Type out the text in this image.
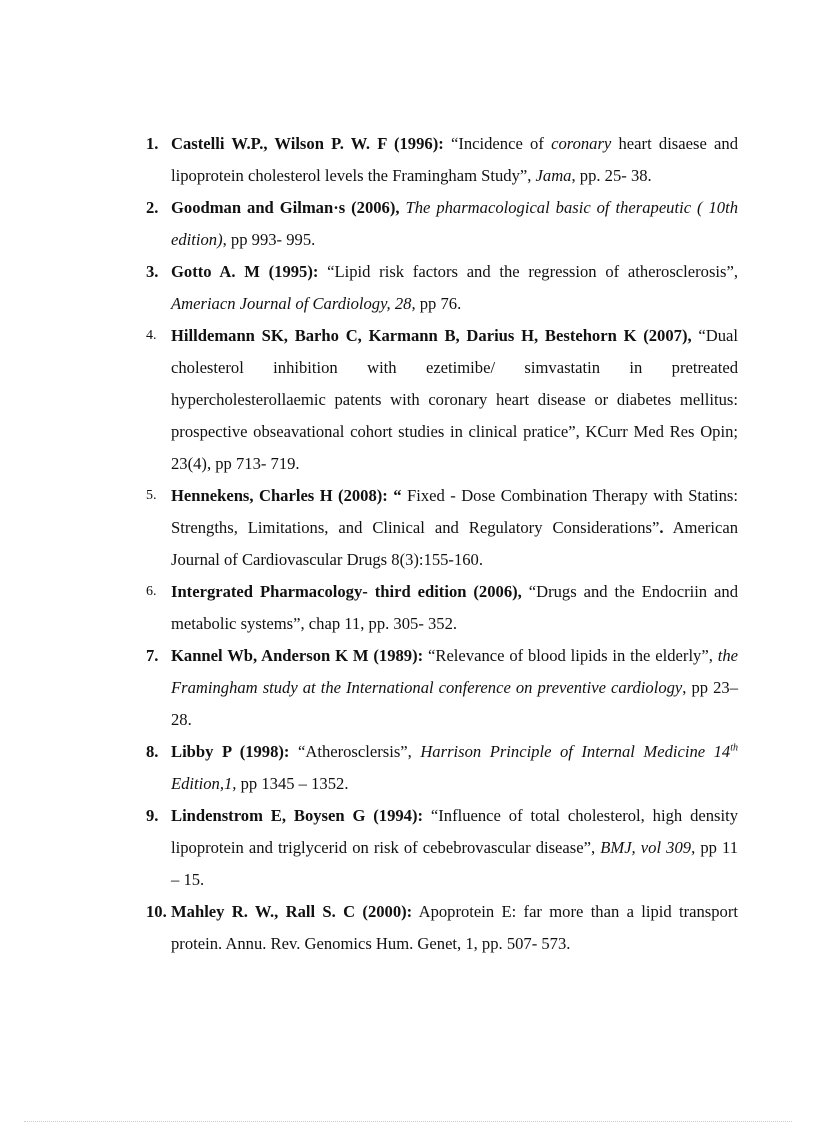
1. Castelli W.P., Wilson P. W. F (1996): “Incidence of coronary heart disaese and lipoprotein cholesterol levels the Framingham Study”, Jama, pp. 25- 38.
2. Goodman and Gilman·s (2006), The pharmacological basic of therapeutic ( 10th edition), pp 993- 995.
3. Gotto A. M (1995): “Lipid risk factors and the regression of atherosclerosis”, Ameriacn Journal of Cardiology, 28, pp 76.
4. Hilldemann SK, Barho C, Karmann B, Darius H, Bestehorn K (2007), “Dual cholesterol inhibition with ezetimibe/ simvastatin in pretreated hypercholesterollaemic patents with coronary heart disease or diabetes mellitus: prospective obseavational cohort studies in clinical pratice”, KCurr Med Res Opin; 23(4), pp 713- 719.
5. Hennekens, Charles H (2008): “ Fixed - Dose Combination Therapy with Statins: Strengths, Limitations, and Clinical and Regulatory Considerations”. American Journal of Cardiovascular Drugs 8(3):155-160.
6. Intergrated Pharmacology- third edition (2006), “Drugs and the Endocriin and metabolic systems”, chap 11, pp. 305- 352.
7. Kannel Wb, Anderson K M (1989): “Relevance of blood lipids in the elderly”, the Framingham study at the International conference on preventive cardiology, pp 23– 28.
8. Libby P (1998): “Atherosclersis”, Harrison Principle of Internal Medicine 14th Edition,1, pp 1345 – 1352.
9. Lindenstrom E, Boysen G (1994): “Influence of total cholesterol, high density lipoprotein and triglycerid on risk of cebebrovascular disease”, BMJ, vol 309, pp 11 – 15.
10. Mahley R. W., Rall S. C (2000): Apoprotein E: far more than a lipid transport protein. Annu. Rev. Genomics Hum. Genet, 1, pp. 507- 573.
